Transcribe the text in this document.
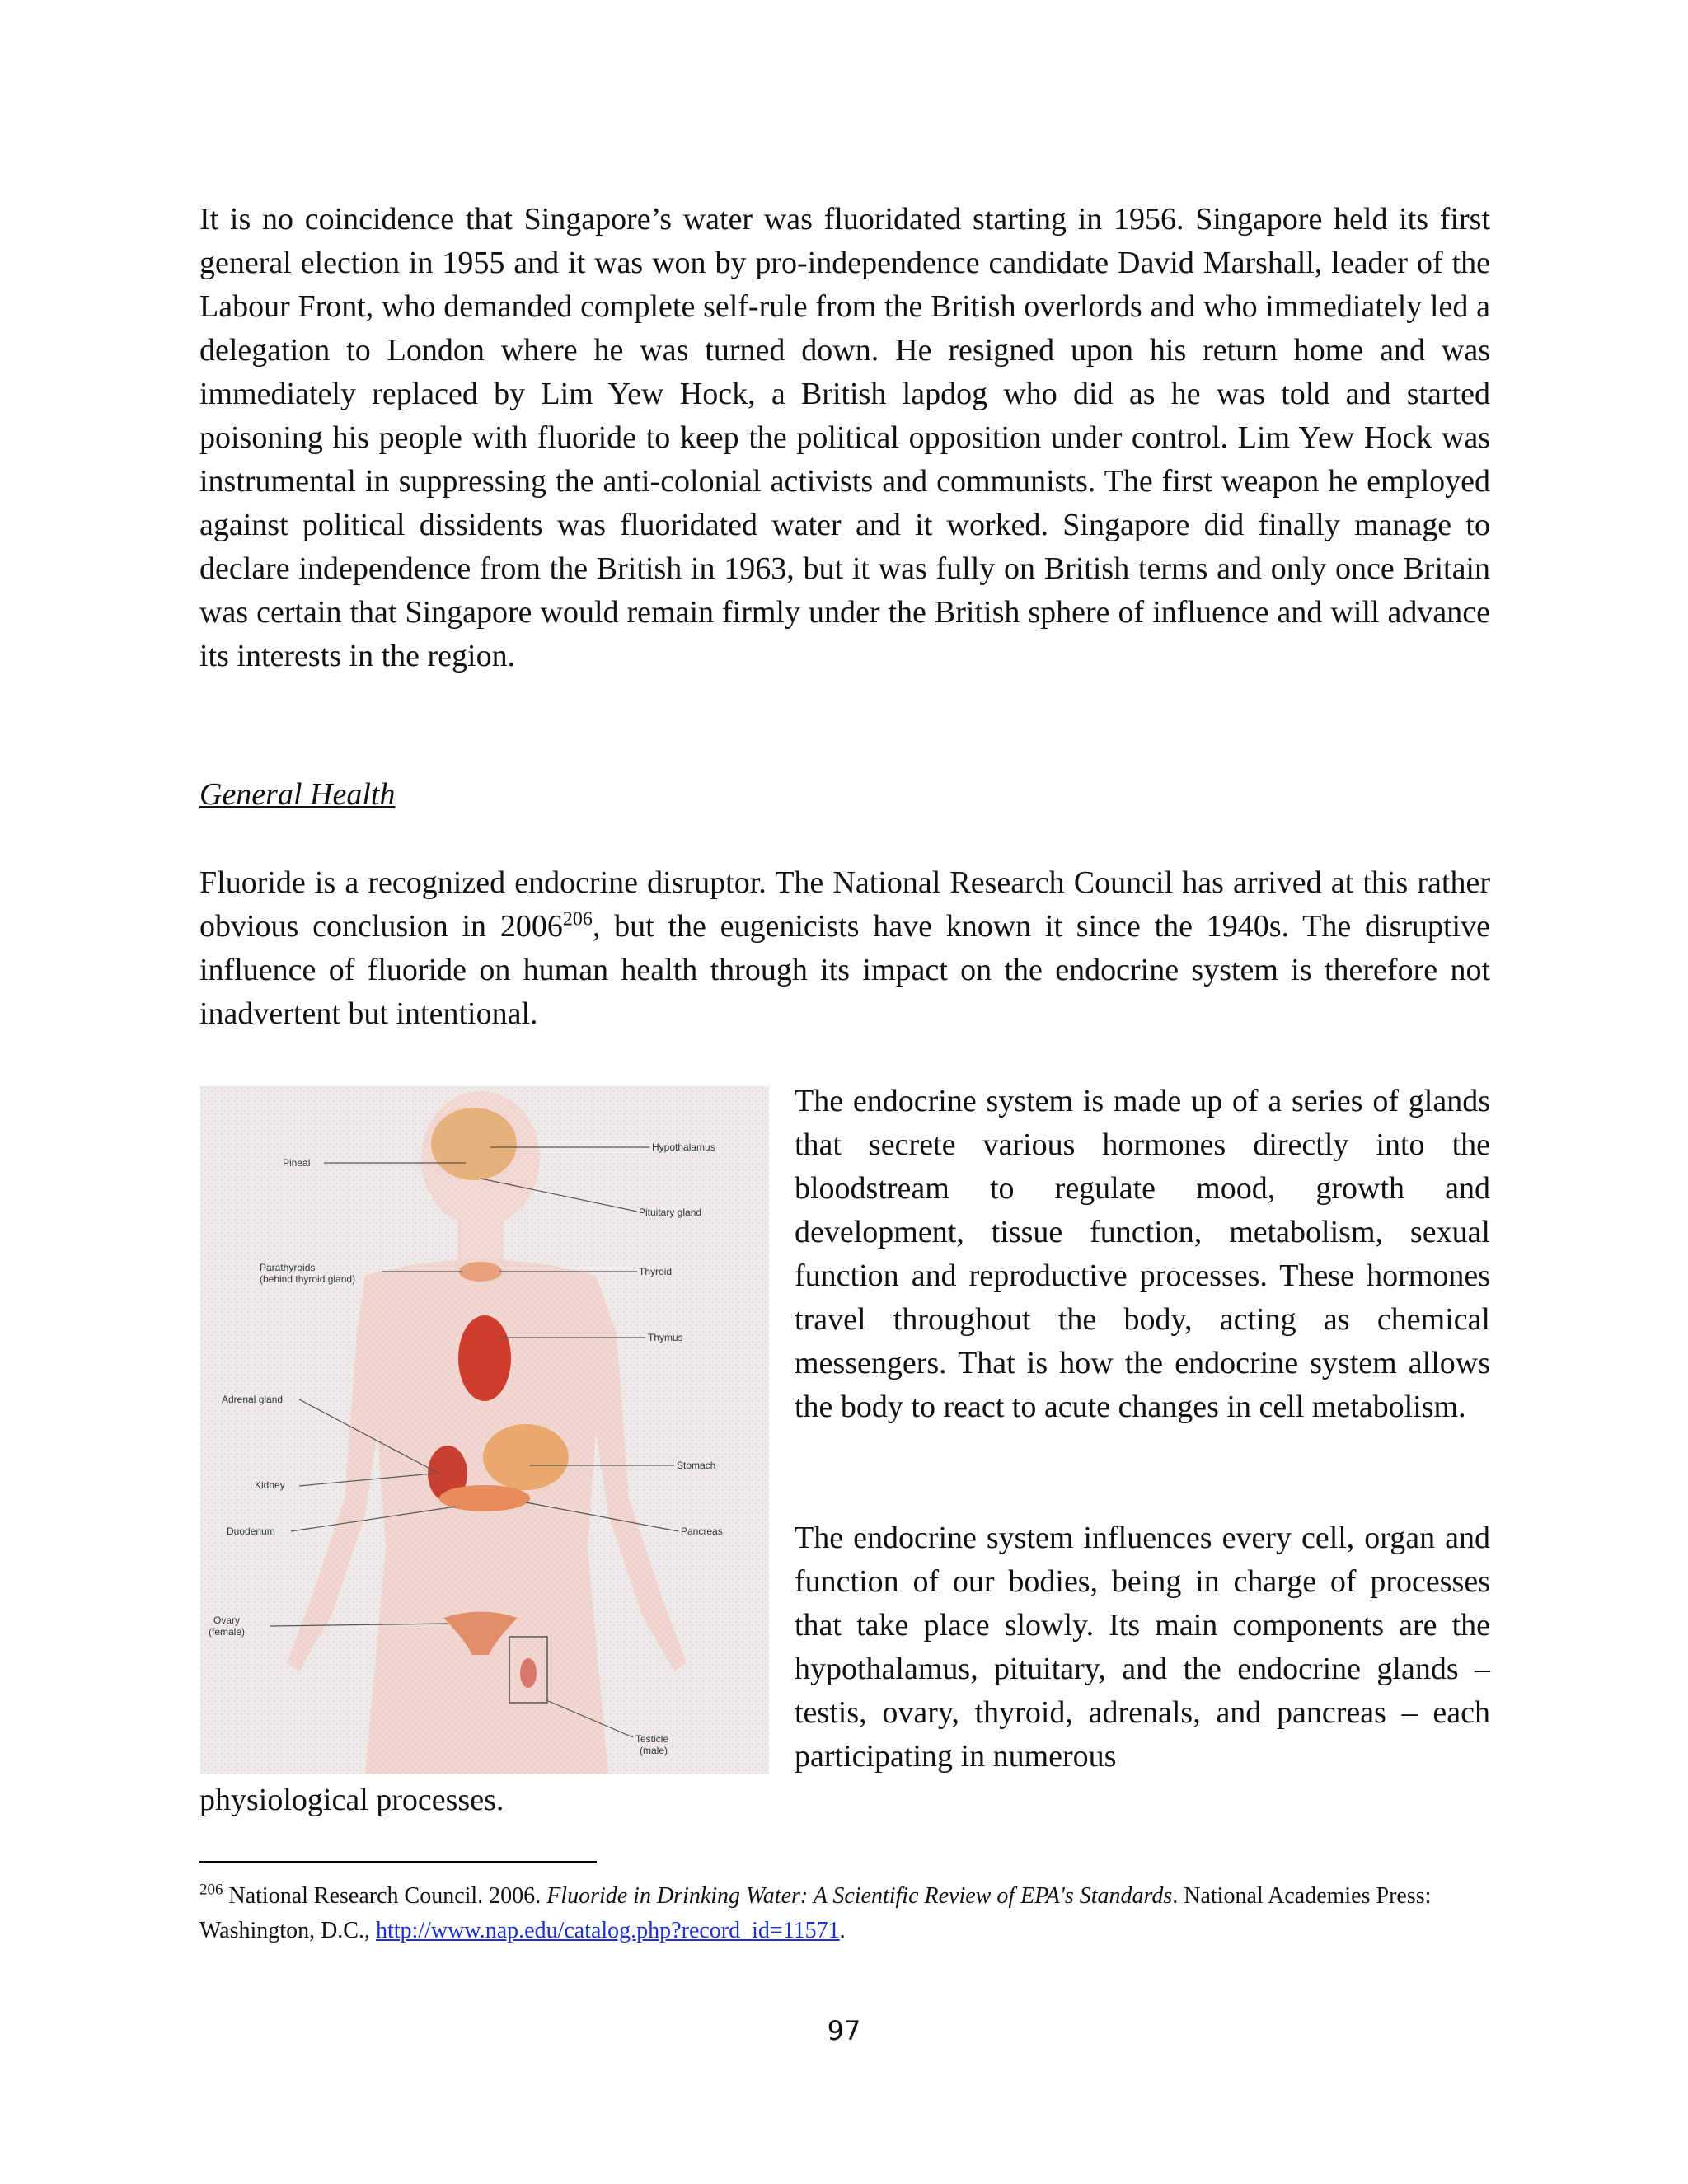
It is no coincidence that Singapore’s water was fluoridated starting in 1956. Singapore held its first general election in 1955 and it was won by pro-independence candidate David Marshall, leader of the Labour Front, who demanded complete self-rule from the British overlords and who immediately led a delegation to London where he was turned down. He resigned upon his return home and was immediately replaced by Lim Yew Hock, a British lapdog who did as he was told and started poisoning his people with fluoride to keep the political opposition under control. Lim Yew Hock was instrumental in suppressing the anti-colonial activists and communists. The first weapon he employed against political dissidents was fluoridated water and it worked. Singapore did finally manage to declare independence from the British in 1963, but it was fully on British terms and only once Britain was certain that Singapore would remain firmly under the British sphere of influence and will advance its interests in the region.

General Health

Fluoride is a recognized endocrine disruptor. The National Research Council has arrived at this rather obvious conclusion in 2006$^{206}$, but the eugenicists have known it since the 1940s. The disruptive influence of fluoride on human health through its impact on the endocrine system is therefore not inadvertent but intentional.

Pineal
Parathyroids
(behind thyroid gland)
Adrenal gland
Kidney
Duodenum
Ovary
(female)
Hypothalamus
Pituitary gland
Thyroid
Thymus
Stomach
Pancreas
Testicle
(male)

The endocrine system is made up of a series of glands that secrete various hormones directly into the bloodstream to regulate mood, growth and development, tissue function, metabolism, sexual function and reproductive processes. These hormones travel throughout the body, acting as chemical messengers. That is how the endocrine system allows the body to react to acute changes in cell metabolism.

The endocrine system influences every cell, organ and function of our bodies, being in charge of processes that take place slowly. Its main components are the hypothalamus, pituitary, and the endocrine glands – testis, ovary, thyroid, adrenals, and pancreas – each participating in numerous

physiological processes.

$^{206}$ National Research Council. 2006. Fluoride in Drinking Water: A Scientific Review of EPA's Standards. National Academies Press: Washington, D.C., http://www.nap.edu/catalog.php?record_id=11571.

97
